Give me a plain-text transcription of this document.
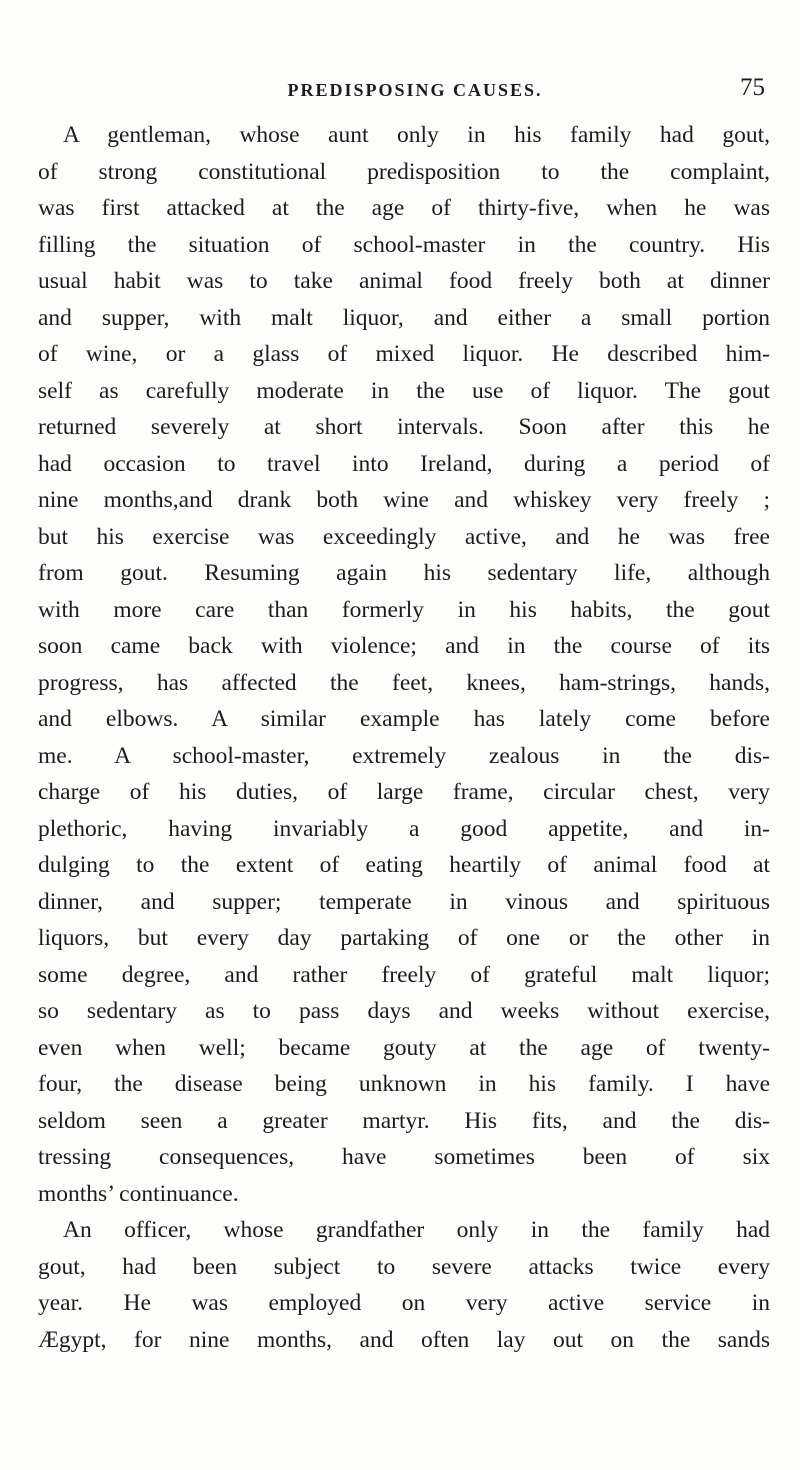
PREDISPOSING CAUSES.	75
A gentleman, whose aunt only in his family had gout,
of strong constitutional predisposition to the complaint,
was first attacked at the age of thirty-five, when he was
filling the situation of school-master in the country. His
usual habit was to take animal food freely both at dinner
and supper, with malt liquor, and either a small portion
of wine, or a glass of mixed liquor. He described him-
self as carefully moderate in the use of liquor. The gout
returned severely at short intervals. Soon after this he
had occasion to travel into Ireland, during a period of
nine months,and drank both wine and whiskey very freely ;
but his exercise was exceedingly active, and he was free
from gout. Resuming again his sedentary life, although
with more care than formerly in his habits, the gout
soon came back with violence; and in the course of its
progress, has affected the feet, knees, ham-strings, hands,
and elbows. A similar example has lately come before
me. A school-master, extremely zealous in the dis-
charge of his duties, of large frame, circular chest, very
plethoric, having invariably a good appetite, and in-
dulging to the extent of eating heartily of animal food at
dinner, and supper; temperate in vinous and spirituous
liquors, but every day partaking of one or the other in
some degree, and rather freely of grateful malt liquor;
so sedentary as to pass days and weeks without exercise,
even when well; became gouty at the age of twenty-
four, the disease being unknown in his family. I have
seldom seen a greater martyr. His fits, and the dis-
tressing consequences, have sometimes been of six
months’ continuance.
An officer, whose grandfather only in the family had
gout, had been subject to severe attacks twice every
year. He was employed on very active service in
Ægypt, for nine months, and often lay out on the sands
